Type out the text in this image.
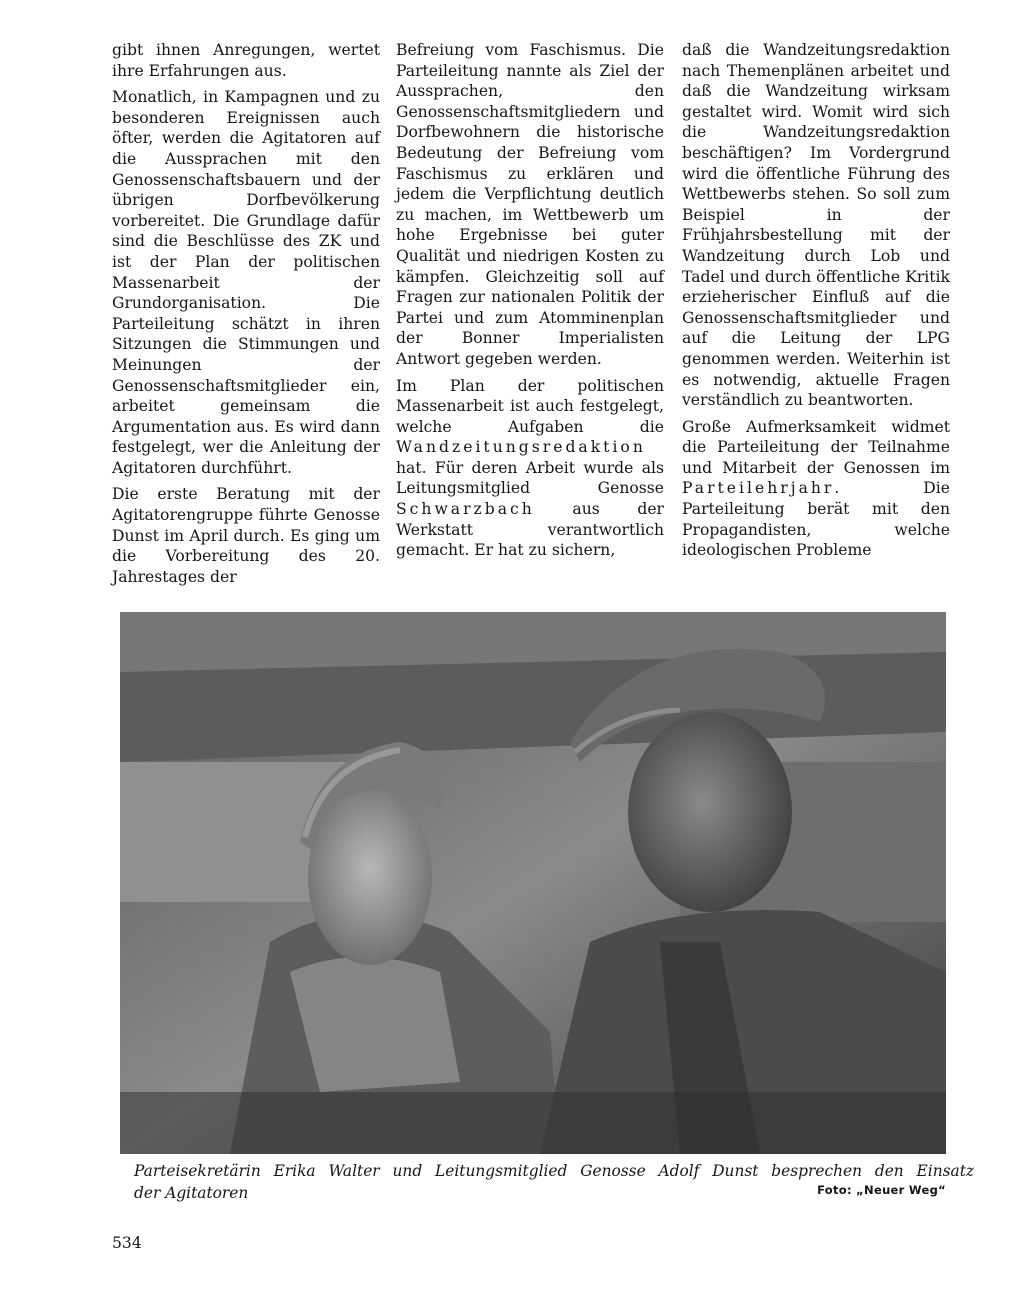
gibt ihnen Anregungen, wertet ihre Erfahrungen aus.

Monatlich, in Kampagnen und zu besonderen Ereignissen auch öfter, werden die Agitatoren auf die Aussprachen mit den Genossenschaftsbauern und der übrigen Dorfbevölkerung vorbereitet. Die Grundlage dafür sind die Beschlüsse des ZK und ist der Plan der politischen Massenarbeit der Grundorganisation. Die Parteileitung schätzt in ihren Sitzungen die Stimmungen und Meinungen der Genossenschaftsmitglieder ein, arbeitet gemeinsam die Argumentation aus. Es wird dann festgelegt, wer die Anleitung der Agitatoren durchführt.

Die erste Beratung mit der Agitatorengruppe führte Genosse Dunst im April durch. Es ging um die Vorbereitung des 20. Jahrestages der

Befreiung vom Faschismus. Die Parteileitung nannte als Ziel der Aussprachen, den Genossenschaftsmitgliedern und Dorfbewohnern die historische Bedeutung der Befreiung vom Faschismus zu erklären und jedem die Verpflichtung deutlich zu machen, im Wettbewerb um hohe Ergebnisse bei guter Qualität und niedrigen Kosten zu kämpfen. Gleichzeitig soll auf Fragen zur nationalen Politik der Partei und zum Atomminenplan der Bonner Imperialisten Antwort gegeben werden.

Im Plan der politischen Massenarbeit ist auch festgelegt, welche Aufgaben die Wandzeitungsredaktion hat. Für deren Arbeit wurde als Leitungsmitglied Genosse Schwarzbach aus der Werkstatt verantwortlich gemacht. Er hat zu sichern,

daß die Wandzeitungsredaktion nach Themenplänen arbeitet und daß die Wandzeitung wirksam gestaltet wird. Womit wird sich die Wandzeitungsredaktion beschäftigen? Im Vordergrund wird die öffentliche Führung des Wettbewerbs stehen. So soll zum Beispiel in der Frühjahrsbestellung mit der Wandzeitung durch Lob und Tadel und durch öffentliche Kritik erzieherischer Einfluß auf die Genossenschaftsmitglieder und auf die Leitung der LPG genommen werden. Weiterhin ist es notwendig, aktuelle Fragen verständlich zu beantworten.

Große Aufmerksamkeit widmet die Parteileitung der Teilnahme und Mitarbeit der Genossen im Parteilehrjahr. Die Parteileitung berät mit den Propagandisten, welche ideologischen Probleme

Parteisekretärin Erika Walter und Leitungsmitglied Genosse Adolf Dunst besprechen den Einsatz
der Agitatoren	Foto: „Neuer Weg“
534
